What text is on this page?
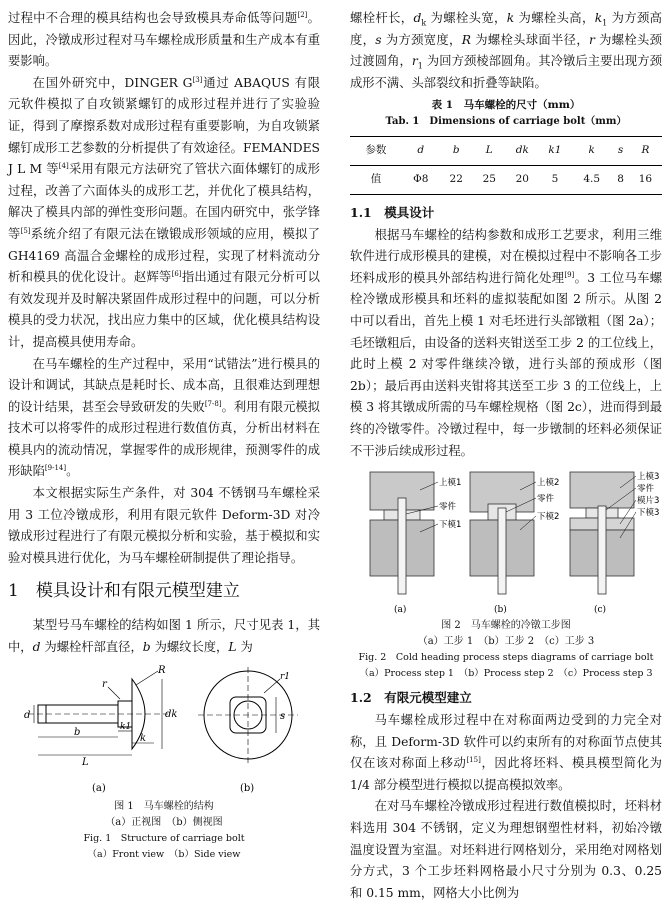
过程中不合理的模具结构也会导致模具寿命低等问题[2]。因此，冷镦成形过程对马车螺栓成形质量和生产成本有重要影响。

在国外研究中，DINGER G[3]通过 ABAQUS 有限元软件模拟了自攻锁紧螺钉的成形过程并进行了实验验证，得到了摩擦系数对成形过程有重要影响，为自攻锁紧螺钉成形工艺参数的分析提供了有效途径。FEMANDES J L M 等[4]采用有限元方法研究了管状六面体螺钉的成形过程，改善了六面体头的成形工艺，并优化了模具结构，解决了模具内部的弹性变形问题。在国内研究中，张学锋等[5]系统介绍了有限元法在镦锻成形领域的应用，模拟了 GH4169 高温合金螺栓的成形过程，实现了材料流动分析和模具的优化设计。赵辉等[6]指出通过有限元分析可以有效发现并及时解决紧固件成形过程中的问题，可以分析模具的受力状况，找出应力集中的区域，优化模具结构设计，提高模具使用寿命。

在马车螺栓的生产过程中，采用“试错法”进行模具的设计和调试，其缺点是耗时长、成本高，且很难达到理想的设计结果，甚至会导致研发的失败[7-8]。利用有限元模拟技术可以将零件的成形过程进行数值仿真，分析出材料在模具内的流动情况，掌握零件的成形规律，预测零件的成形缺陷[9-14]。

本文根据实际生产条件，对 304 不锈钢马车螺栓采用 3 工位冷镦成形，利用有限元软件 Deform-3D 对冷镦成形过程进行了有限元模拟分析和实验，基于模拟和实验对模具进行优化，为马车螺栓研制提供了理论指导。

1　模具设计和有限元模型建立

某型号马车螺栓的结构如图 1 所示，尺寸见表 1，其中，d 为螺栓杆部直径，b 为螺纹长度，L 为

R
r
d	dk
b	k1
k
L
(a)
s
r1
(b)

图 1　马车螺栓的结构

（a）正视图　（b）侧视图

Fig. 1　Structure of carriage bolt

（a）Front view　（b）Side view

螺栓杆长，$d_k$ 为螺栓头宽，k 为螺栓头高，$k_1$ 为方颈高度，s 为方颈宽度，R 为螺栓头球面半径，r 为螺栓头颈过渡圆角，$r_1$ 为回方颈棱部圆角。其冷镦后主要出现方颈成形不满、头部裂纹和折叠等缺陷。

表 1　马车螺栓的尺寸（mm）
Tab. 1　Dimensions of carriage bolt（mm）
参数	d	b	L	dk	k1	k	s	R
值	Φ8	22	25	20	5	4.5	8	16
1.1　模具设计

根据马车螺栓的结构参数和成形工艺要求，利用三维软件进行成形模具的建模，对在模拟过程中不影响各工步坯料成形的模具外部结构进行简化处理[9]。3 工位马车螺栓冷镦成形模具和坯料的虚拟装配如图 2 所示。从图 2 中可以看出，首先上模 1 对毛坯进行头部镦粗（图 2a）；毛坯镦粗后，由设备的送料夹钳送至工步 2 的工位线上，此时上模 2 对零件继续冷镦，进行头部的预成形（图 2b）；最后再由送料夹钳将其送至工步 3 的工位线上，上模 3 将其镦成所需的马车螺栓规格（图 2c），进而得到最终的冷镦零件。冷镦过程中，每一步镦制的坯料必须保证不干涉后续成形过程。

上模1
零件
下模1
上模2
零件
下模2
上模3
零件
模片3
下模3
(a)	(b)	(c)

图 2　马车螺栓的冷镦工步图

（a）工步 1　（b）工步 2　（c）工步 3

Fig. 2　Cold heading process steps diagrams of carriage bolt

（a）Process step 1　（b）Process step 2　（c）Process step 3

1.2　有限元模型建立

马车螺栓成形过程中在对称面两边受到的力完全对称，且 Deform-3D 软件可以约束所有的对称面节点使其仅在该对称面上移动[15]，因此将坯料、模具模型简化为 1/4 部分模型进行模拟以提高模拟效率。

在对马车螺栓冷镦成形过程进行数值模拟时，坯料材料选用 304 不锈钢，定义为理想钢塑性材料，初始冷镦温度设置为室温。对坯料进行网格划分，采用绝对网格划分方式，3 个工步坯料网格最小尺寸分别为 0.3、0.25 和 0.15 mm，网格大小比例为
